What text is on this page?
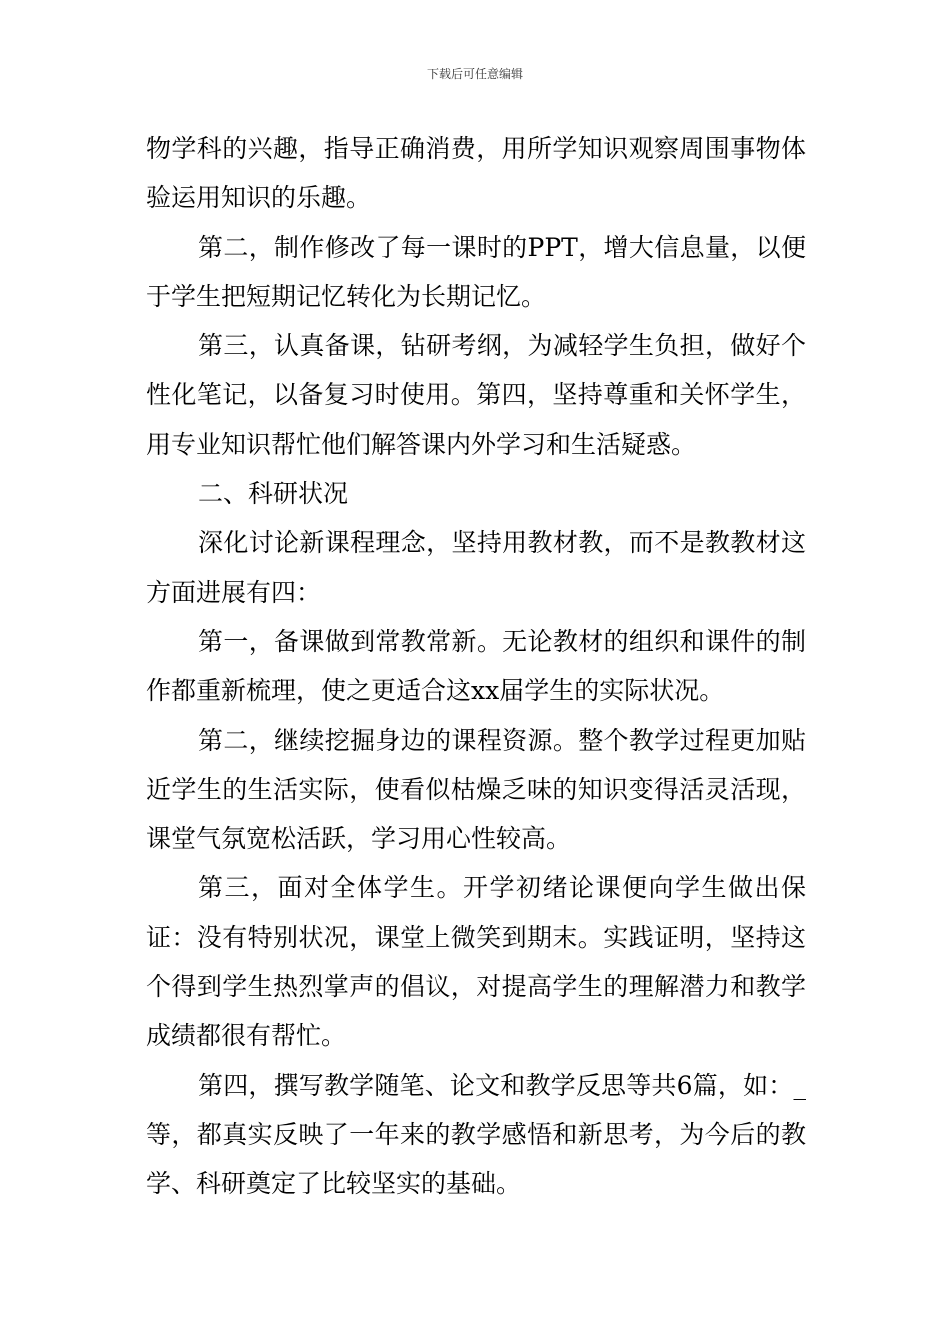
下载后可任意编辑

物学科的兴趣，指导正确消费，用所学知识观察周围事物体验运用知识的乐趣。

第二，制作修改了每一课时的PPT，增大信息量，以便于学生把短期记忆转化为长期记忆。

第三，认真备课，钻研考纲，为减轻学生负担，做好个性化笔记，以备复习时使用。第四，坚持尊重和关怀学生，用专业知识帮忙他们解答课内外学习和生活疑惑。

二、科研状况

深化讨论新课程理念，坚持用教材教，而不是教教材这方面进展有四：

第一，备课做到常教常新。无论教材的组织和课件的制作都重新梳理，使之更适合这xx届学生的实际状况。

第二，继续挖掘身边的课程资源。整个教学过程更加贴近学生的生活实际，使看似枯燥乏味的知识变得活灵活现，课堂气氛宽松活跃，学习用心性较高。

第三，面对全体学生。开学初绪论课便向学生做出保证：没有特别状况，课堂上微笑到期末。实践证明，坚持这个得到学生热烈掌声的倡议，对提高学生的理解潜力和教学成绩都很有帮忙。

第四，撰写教学随笔、论文和教学反思等共6篇，如：_等，都真实反映了一年来的教学感悟和新思考，为今后的教学、科研奠定了比较坚实的基础。
